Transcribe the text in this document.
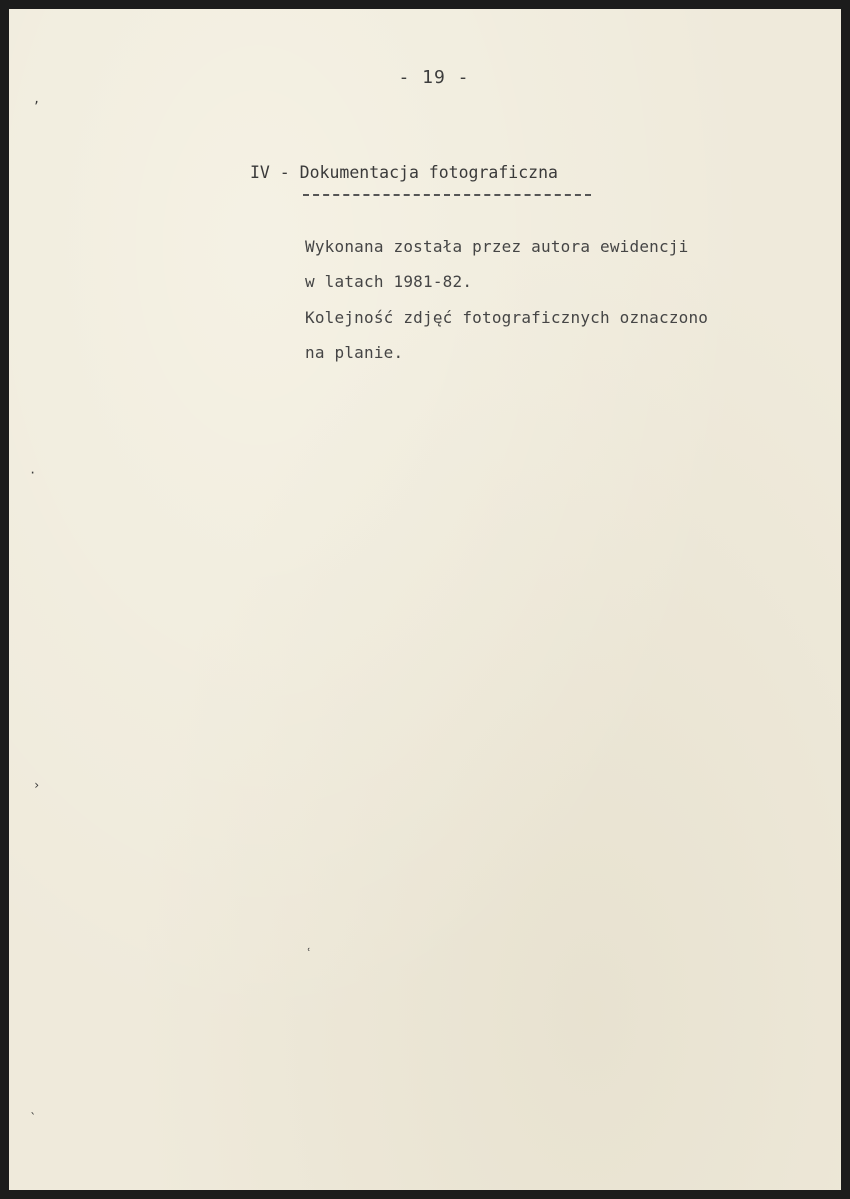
- 19 -
IV - Dokumentacja fotograficzna
Wykonana została przez autora ewidencji
w latach 1981-82.
Kolejność zdjęć fotograficznych oznaczono
na planie.
,
·
›
ˎ
ʿ
